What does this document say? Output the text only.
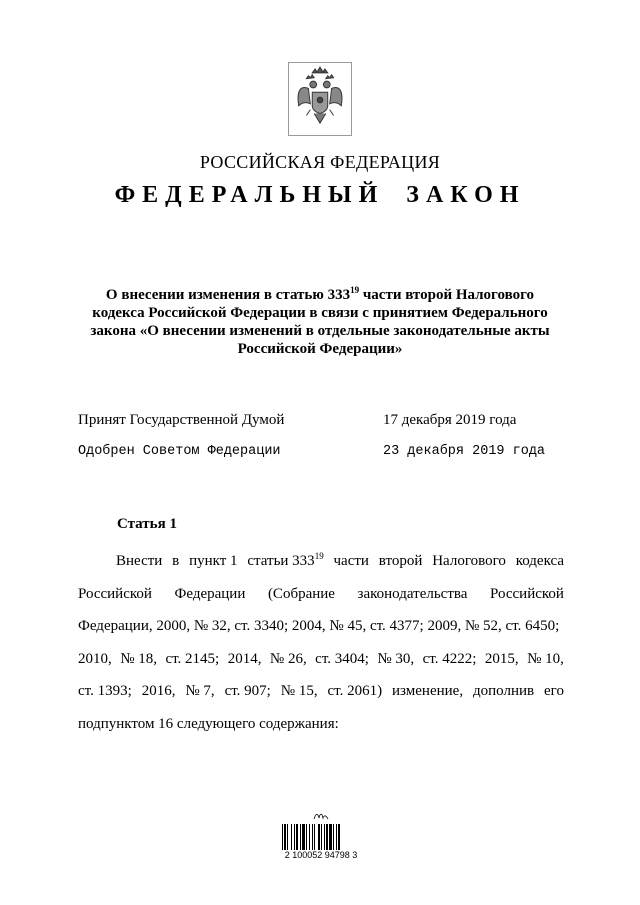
РОССИЙСКАЯ ФЕДЕРАЦИЯ
ФЕДЕРАЛЬНЫЙ ЗАКОН
О внесении изменения в статью $333^{19}$ части второй Налогового кодекса Российской Федерации в связи с принятием Федерального закона «О внесении изменений в отдельные законодательные акты Российской Федерации»
Принят Государственной Думой	17 декабря 2019 года
Одобрен Советом Федерации	23 декабря 2019 года
Статья 1
Внести в пункт 1 статьи $333^{19}$ части второй Налогового кодекса
Российской Федерации (Собрание законодательства Российской
Федерации, 2000, № 32, ст. 3340; 2004, № 45, ст. 4377; 2009, № 52, ст. 6450;
2010, № 18, ст. 2145; 2014, № 26, ст. 3404; № 30, ст. 4222; 2015, № 10,
ст. 1393; 2016, № 7, ст. 907; № 15, ст. 2061) изменение, дополнив его
подпунктом 16 следующего содержания:
2 100052 94798 3
